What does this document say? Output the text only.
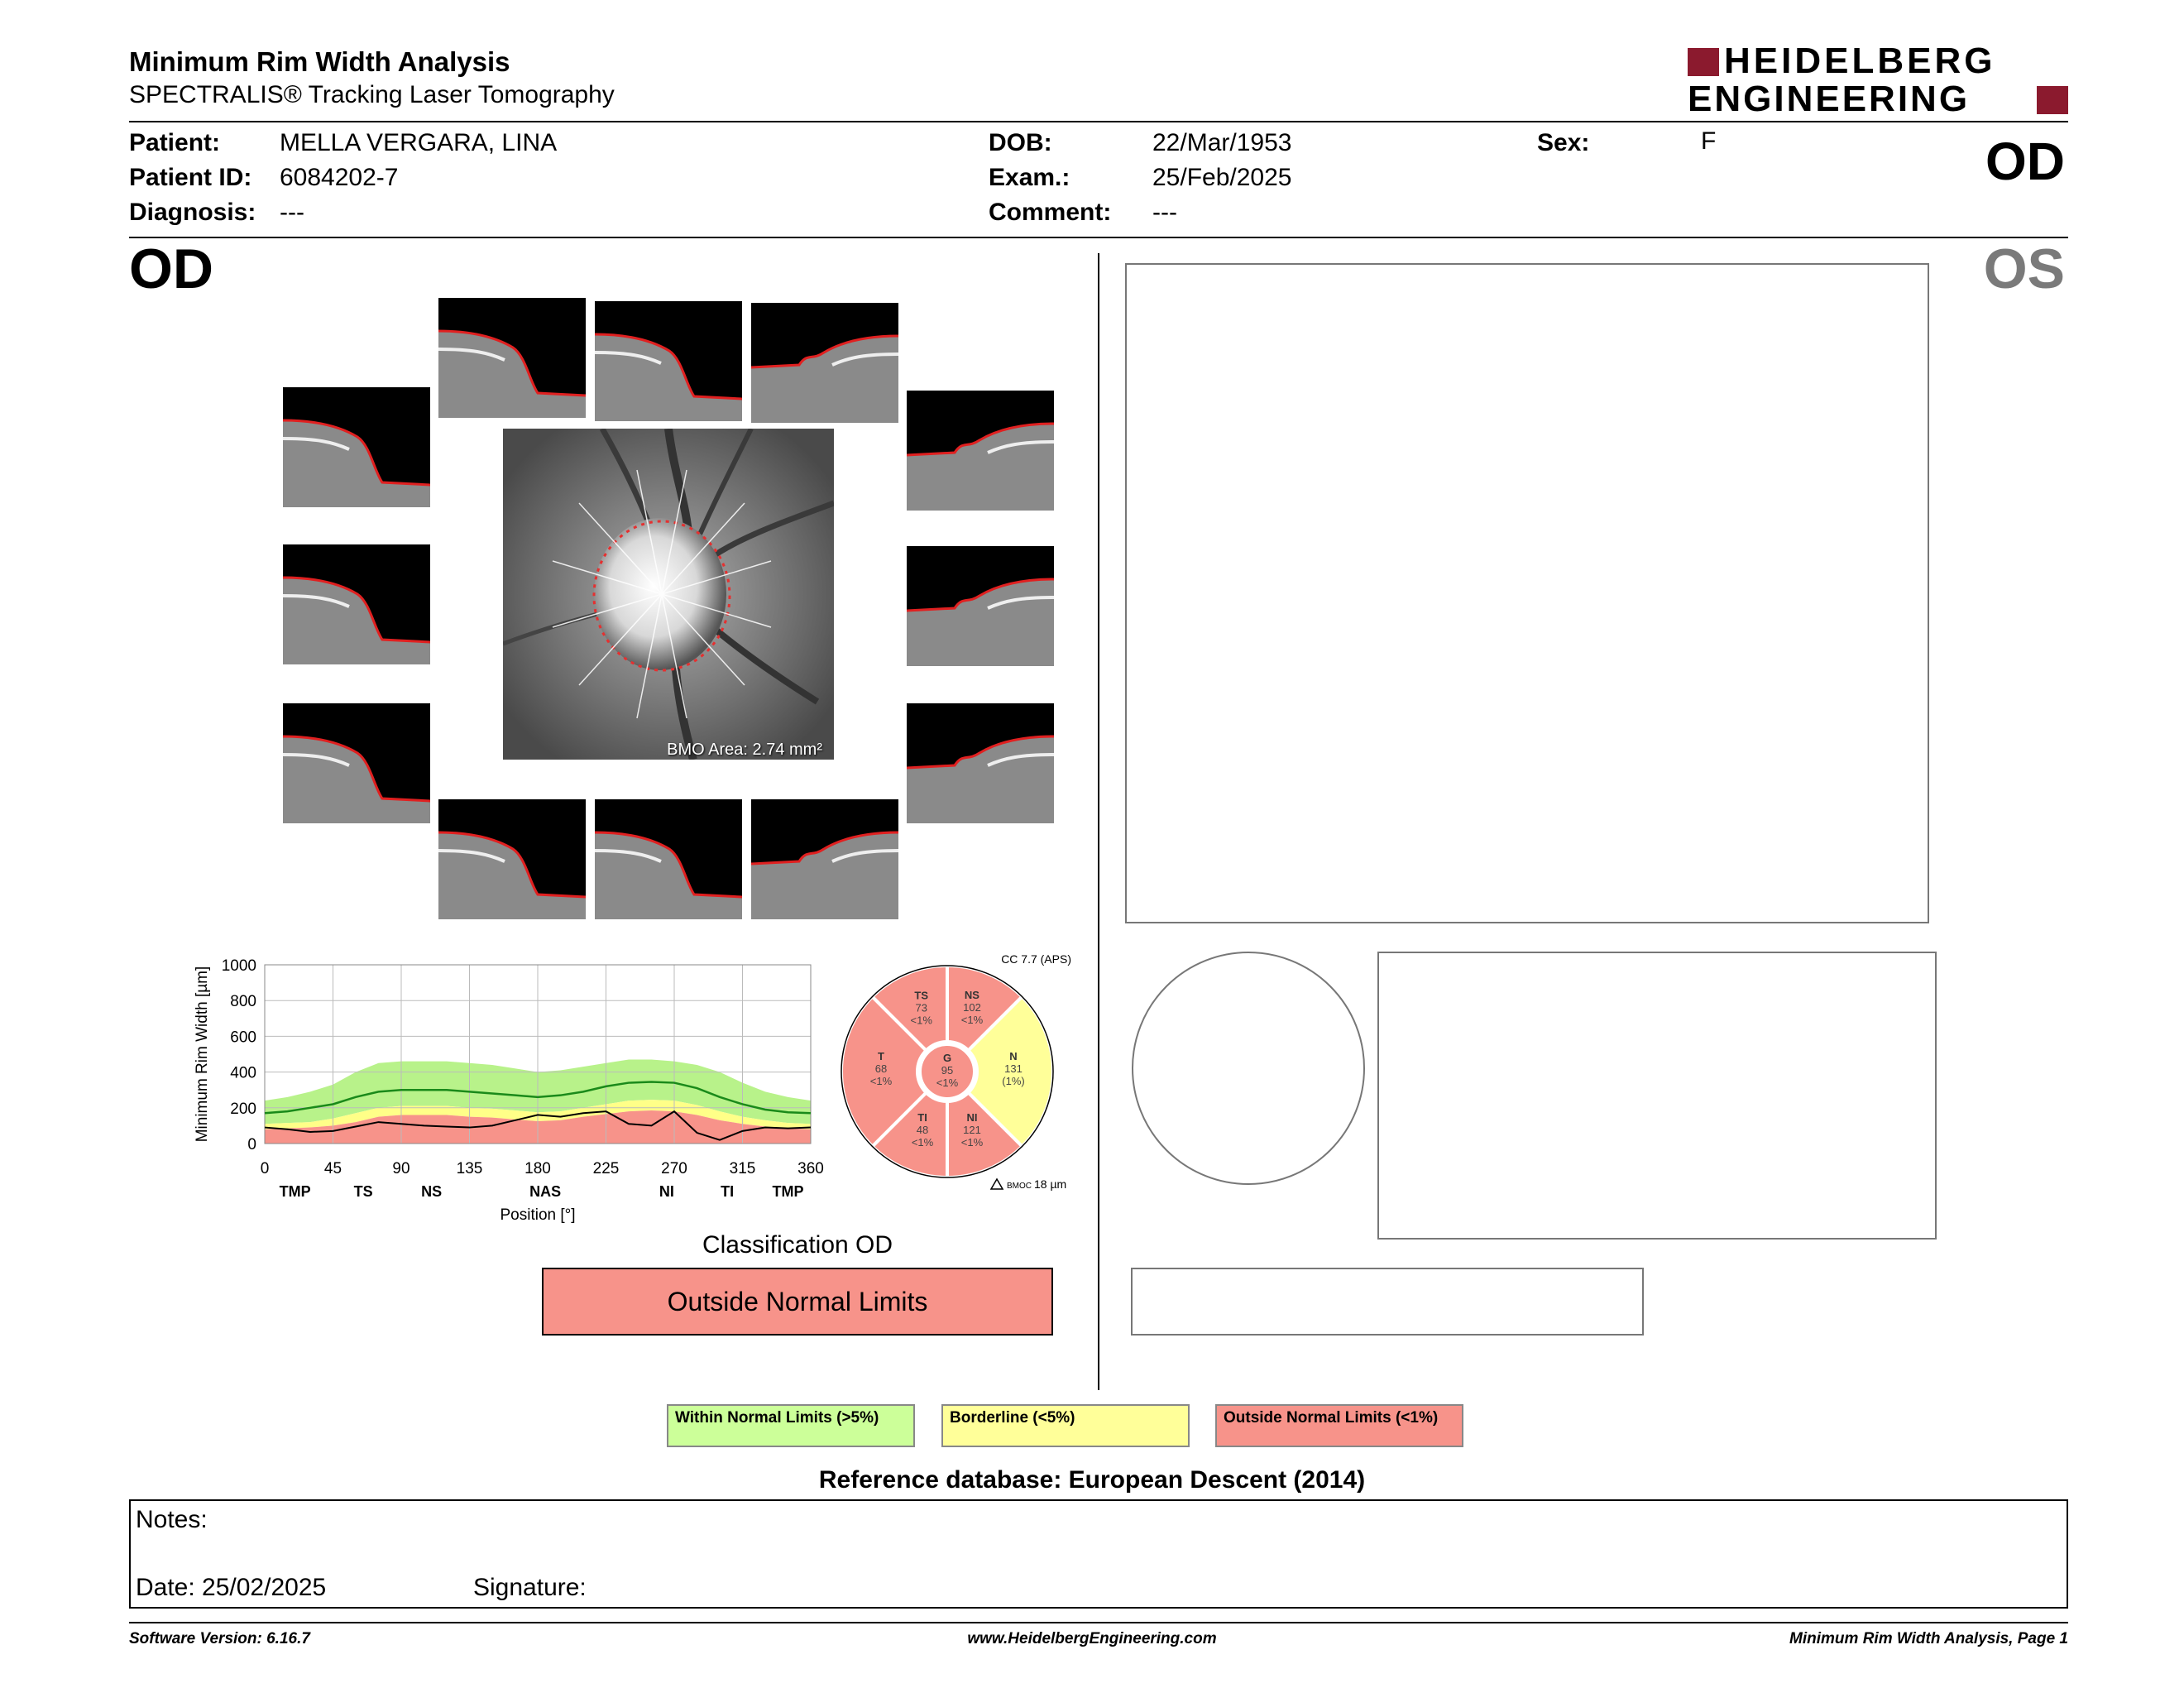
Minimum Rim Width Analysis
SPECTRALIS® Tracking Laser Tomography
HEIDELBERG
ENGINEERING
Patient: MELLA VERGARA, LINA
Patient ID: 6084202-7
Diagnosis: ---
DOB:	22/Mar/1953
Exam.:	25/Feb/2025
Comment: ---
Sex:	F	OD
OD
BMO Area: 2.74 mm²
0
200
400
600
800
1000
0	45	90	135	180	225	270	315	360
TMP	TS	NS	NAS	NI	TI	TMP
Position [°]
Minimum Rim Width [µm]	TS
73
<1%
NS
102
<1%
T
68
<1%
G
95
<1%
N
131
(1%)
TI
48
<1%
NI
121
<1%
CC 7.7 (APS)
BMOC 18 µm
Classification OD
Outside Normal Limits
OS
Within Normal Limits (>5%)	Borderline (<5%)	Outside Normal Limits (<1%)
Reference database: European Descent (2014)
Notes:
Date: 25/02/2025	Signature:
Software Version: 6.16.7	www.HeidelbergEngineering.com	Minimum Rim Width Analysis, Page 1
